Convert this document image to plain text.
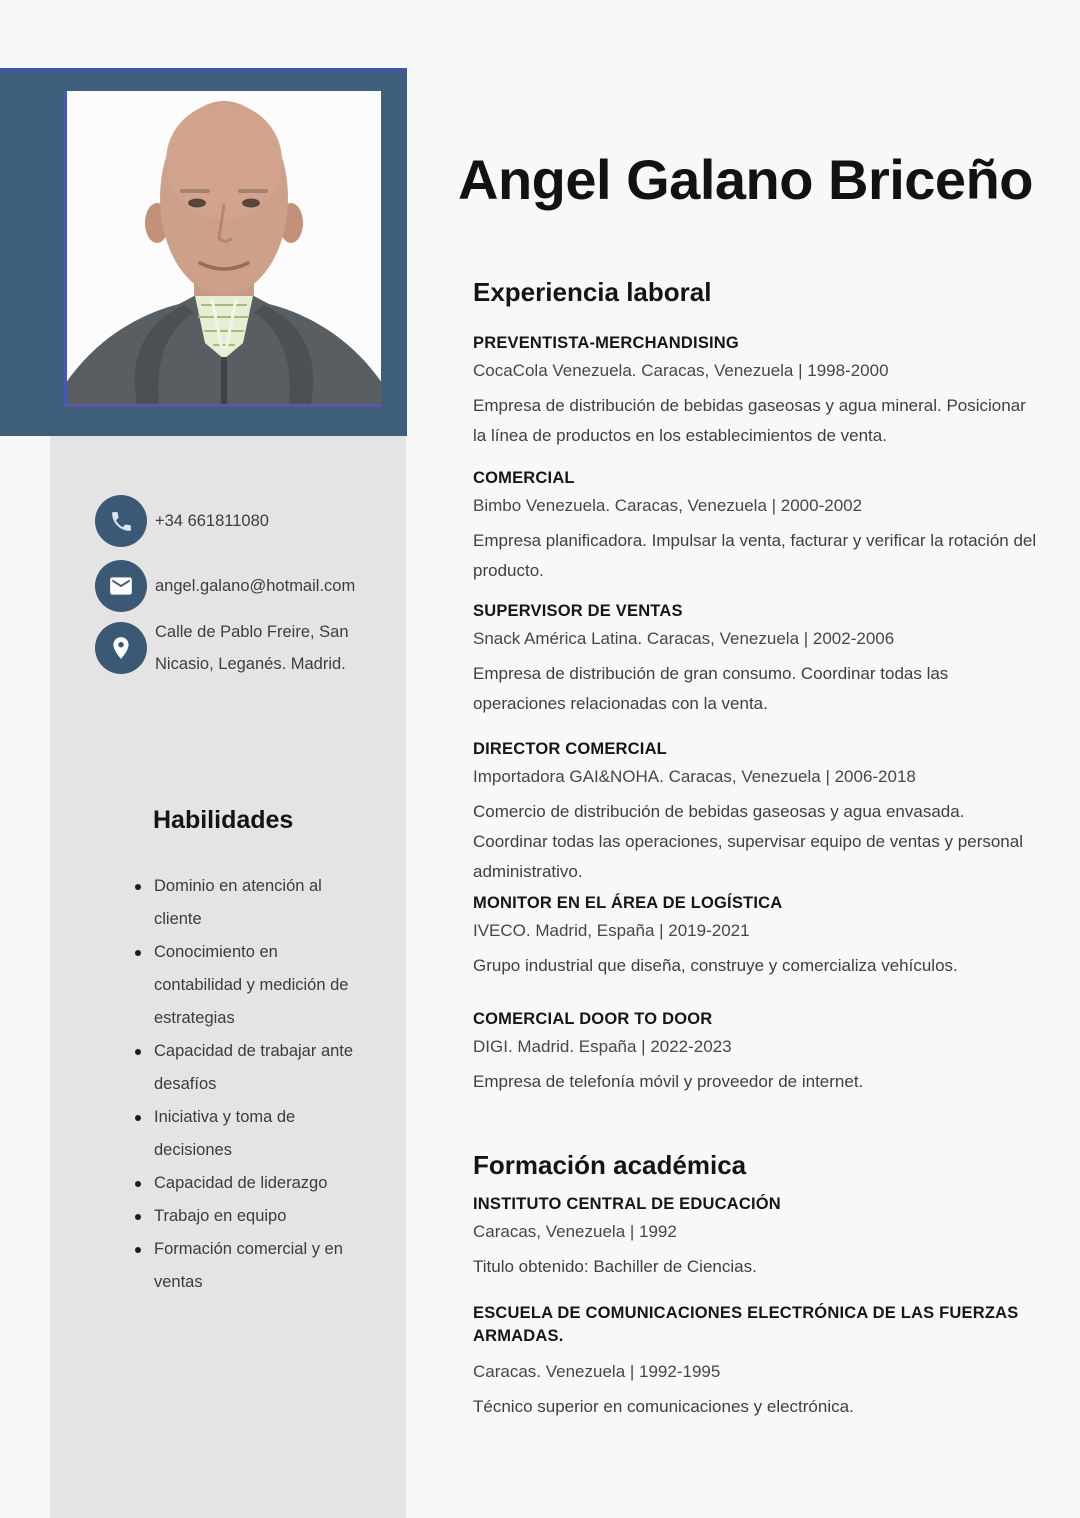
+34 661811080
angel.galano@hotmail.com
Calle de Pablo Freire, San Nicasio, Leganés. Madrid.
Habilidades
Dominio en atención al cliente
Conocimiento en contabilidad y medición de estrategias
Capacidad de trabajar ante desafíos
Iniciativa y toma de decisiones
Capacidad de liderazgo
Trabajo en equipo
Formación comercial y en ventas
Angel Galano Briceño
Experiencia laboral
PREVENTISTA-MERCHANDISING

CocaCola Venezuela. Caracas, Venezuela | 1998-2000

Empresa de distribución de bebidas gaseosas y agua mineral. Posicionar la línea de productos en los establecimientos de venta.

COMERCIAL

Bimbo Venezuela. Caracas, Venezuela | 2000-2002

Empresa planificadora. Impulsar la venta, facturar y verificar la rotación del producto.

SUPERVISOR DE VENTAS

Snack América Latina. Caracas, Venezuela | 2002-2006

Empresa de distribución de gran consumo. Coordinar todas las operaciones relacionadas con la venta.

DIRECTOR COMERCIAL

Importadora GAI&NOHA. Caracas, Venezuela | 2006-2018

Comercio de distribución de bebidas gaseosas y agua envasada. Coordinar todas las operaciones, supervisar equipo de ventas y personal administrativo.

MONITOR EN EL ÁREA DE LOGÍSTICA

IVECO. Madrid, España | 2019-2021

Grupo industrial que diseña, construye y comercializa vehículos.

COMERCIAL DOOR TO DOOR

DIGI. Madrid. España | 2022-2023

Empresa de telefonía móvil y proveedor de internet.

Formación académica
INSTITUTO CENTRAL DE EDUCACIÓN

Caracas, Venezuela | 1992

Titulo obtenido: Bachiller de Ciencias.

ESCUELA DE COMUNICACIONES ELECTRÓNICA DE LAS FUERZAS ARMADAS.

Caracas. Venezuela | 1992-1995

Técnico superior en comunicaciones y electrónica.
